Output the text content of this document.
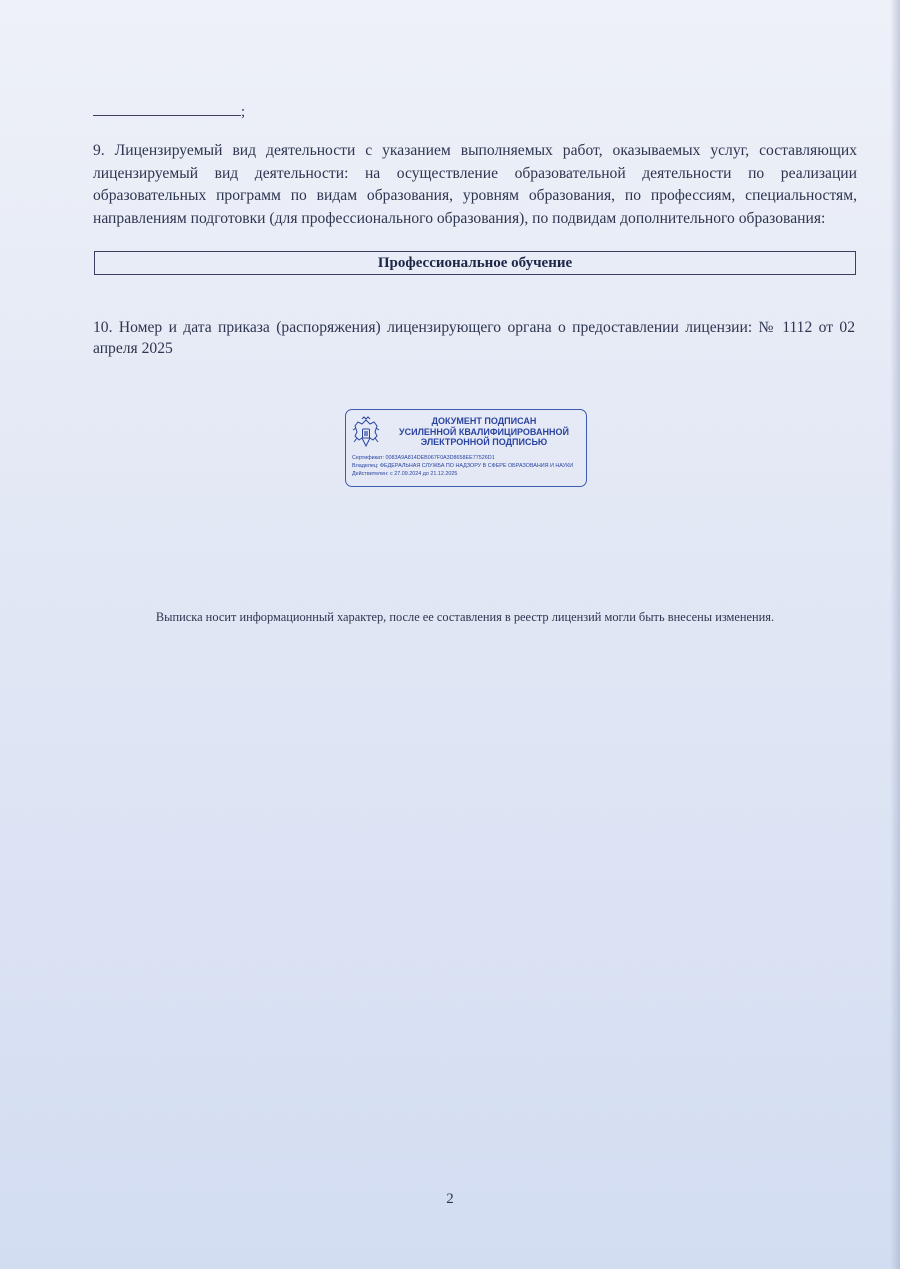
;
9. Лицензируемый вид деятельности с указанием выполняемых работ, оказываемых услуг, составляющих лицензируемый вид деятельности: на осуществление образовательной деятельности по реализации образовательных программ по видам образования, уровням образования, по профессиям, специальностям, направлениям подготовки (для профессионального образования), по подвидам дополнительного образования:
Профессиональное обучение
10. Номер и дата приказа (распоряжения) лицензирующего органа о предоставлении лицензии: № 1112 от 02 апреля 2025
ДОКУМЕНТ ПОДПИСАН
УСИЛЕННОЙ КВАЛИФИЦИРОВАННОЙ
ЭЛЕКТРОННОЙ ПОДПИСЬЮ
Сертификат: 0083А9А814DЕВ067F0A3D8658ЕЕ77526D1
Владелец: ФЕДЕРАЛЬНАЯ СЛУЖБА ПО НАДЗОРУ В СФЕРЕ ОБРАЗОВАНИЯ И НАУКИ
Действителен: с 27.09.2024 до 21.12.2025
Выписка носит информационный характер, после ее составления в реестр лицензий могли быть внесены изменения.
2
